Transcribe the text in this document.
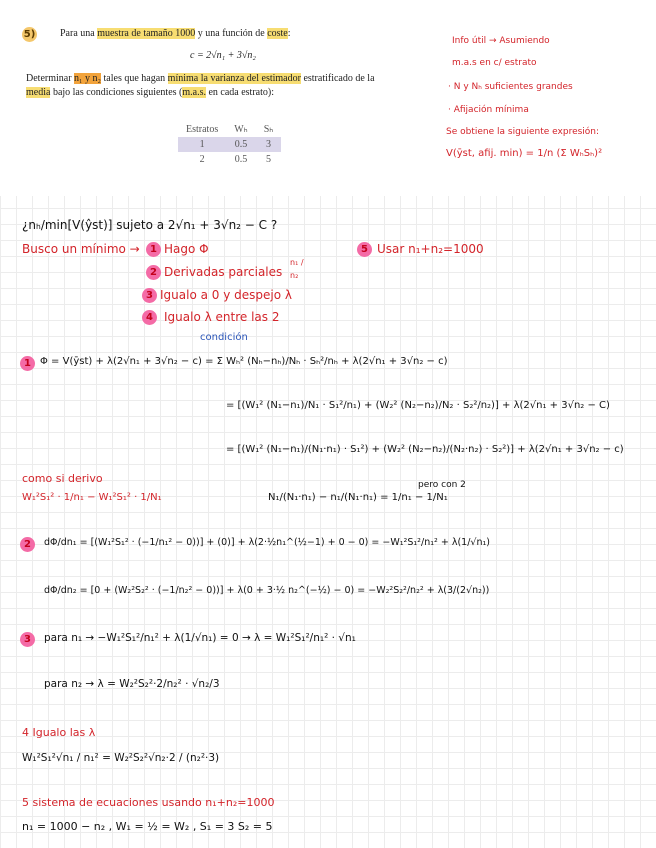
5) Para una muestra de tamaño 1000 y una función de coste:
c = 2√n₁ + 3√n₂
Determinar n₁ y n₂ tales que hagan mínima la varianza del estimador estratificado de la
media bajo las condiciones siguientes (m.a.s. en cada estrato):
Estratos	Wₕ	Sₕ
1	0.5	3
2	0.5	5
Info útil → Asumiendo
m.a.s en c/ estrato
· N y Nₕ suficientes grandes
· Afijación mínima
Se obtiene la siguiente expresión:
V(ȳst, afij. min) = 1/n (Σ WₕSₕ)²
¿nₕ/min[V(ŷst)] sujeto a 2√n₁ + 3√n₂ − C ?
Busco un mínimo →	1 Hago Φ	5 Usar n₁+n₂=1000
2 Derivadas parciales
n₁ / n₂
3 Igualo a 0 y despejo λ
4 Igualo λ entre las 2
condición
1 Φ = V(ȳst) + λ(2√n₁ + 3√n₂ − c) = Σ Wₕ² (Nₕ−nₕ)/Nₕ · Sₕ²/nₕ + λ(2√n₁ + 3√n₂ − c)
= [(W₁² (N₁−n₁)/N₁ · S₁²/n₁) + (W₂² (N₂−n₂)/N₂ · S₂²/n₂)] + λ(2√n₁ + 3√n₂ − C)
= [(W₁² (N₁−n₁)/(N₁·n₁) · S₁²) + (W₂² (N₂−n₂)/(N₂·n₂) · S₂²)] + λ(2√n₁ + 3√n₂ − c)
como si derivo
W₁²S₁² · 1/n₁ − W₁²S₁² · 1/N₁	N₁/(N₁·n₁) − n₁/(N₁·n₁) = 1/n₁ − 1/N₁
pero con 2
2	dΦ/dn₁ = [(W₁²S₁² · (−1/n₁² − 0))] + (0)] + λ(2·½n₁^(½−1) + 0 − 0) = −W₁²S₁²/n₁² + λ(1/√n₁)
dΦ/dn₂ = [0 + (W₂²S₂² · (−1/n₂² − 0))] + λ(0 + 3·½ n₂^(−½) − 0) = −W₂²S₂²/n₂² + λ(3/(2√n₂))
3	para n₁ → −W₁²S₁²/n₁² + λ(1/√n₁) = 0 → λ = W₁²S₁²/n₁² · √n₁
para n₂ → λ = W₂²S₂²·2/n₂² · √n₂/3
4 Igualo las λ
W₁²S₁²√n₁ / n₁² = W₂²S₂²√n₂·2 / (n₂²·3)
5 sistema de ecuaciones usando n₁+n₂=1000
n₁ = 1000 − n₂ , W₁ = ½ = W₂ , S₁ = 3 S₂ = 5
